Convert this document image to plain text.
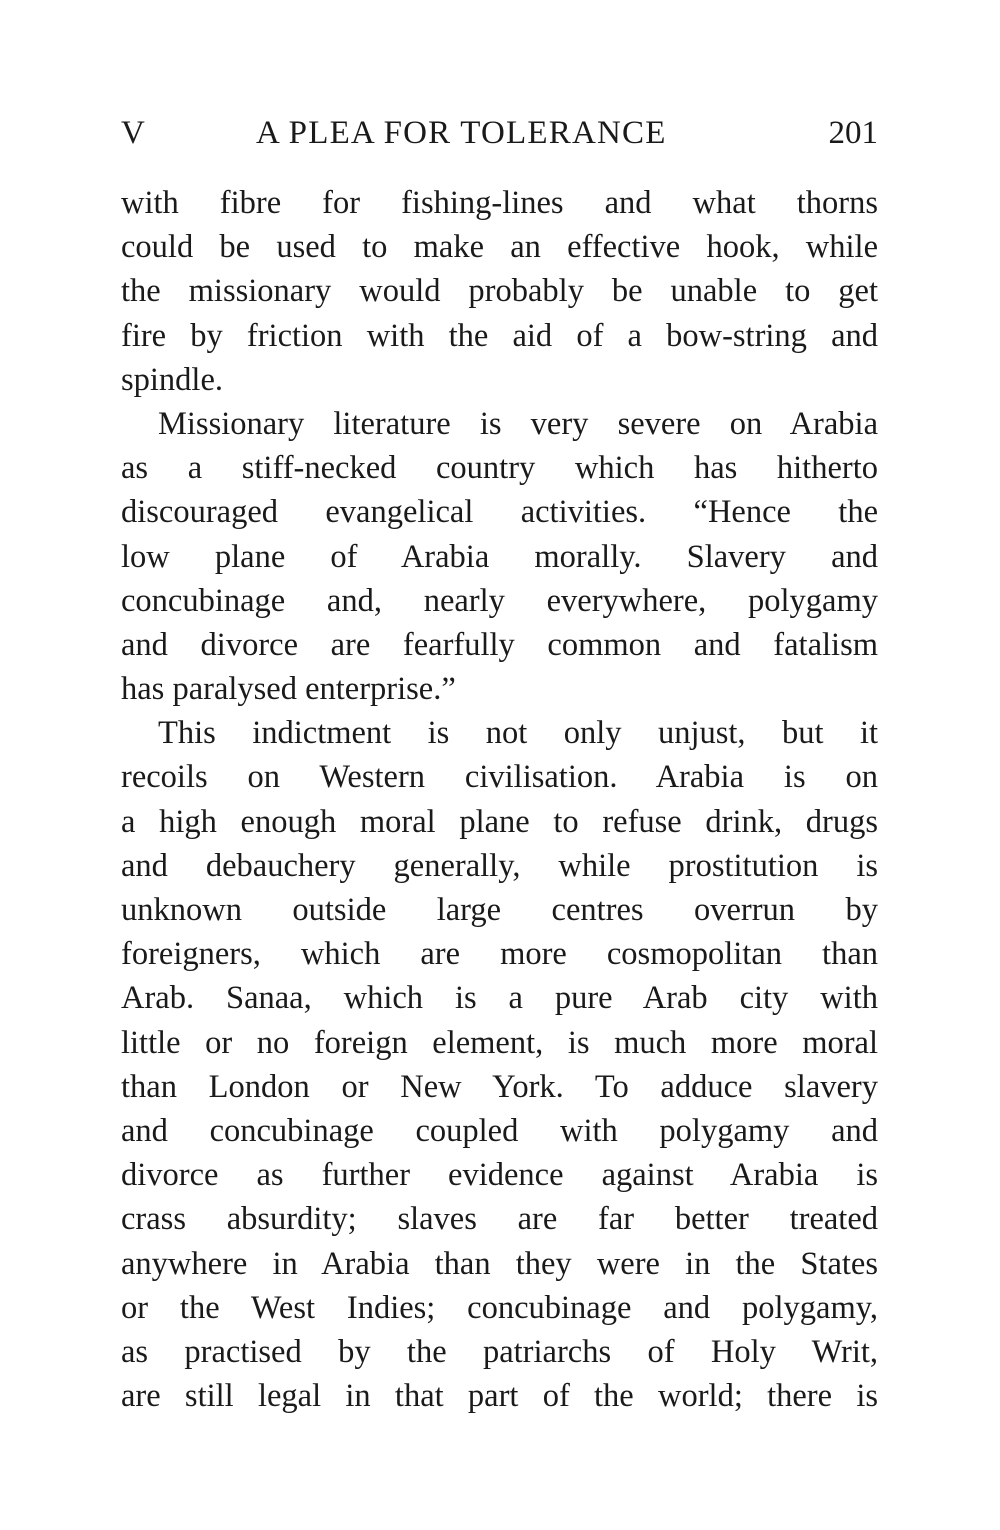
V	A PLEA FOR TOLERANCE	201
with fibre for fishing-lines and what thorns
could be used to make an effective hook, while
the missionary would probably be unable to get
fire by friction with the aid of a bow-string and
spindle.
Missionary literature is very severe on Arabia
as a stiff-necked country which has hitherto
discouraged evangelical activities. “Hence the
low plane of Arabia morally. Slavery and
concubinage and, nearly everywhere, polygamy
and divorce are fearfully common and fatalism
has paralysed enterprise.”
This indictment is not only unjust, but it
recoils on Western civilisation. Arabia is on
a high enough moral plane to refuse drink, drugs
and debauchery generally, while prostitution is
unknown outside large centres overrun by
foreigners, which are more cosmopolitan than
Arab. Sanaa, which is a pure Arab city with
little or no foreign element, is much more moral
than London or New York. To adduce slavery
and concubinage coupled with polygamy and
divorce as further evidence against Arabia is
crass absurdity; slaves are far better treated
anywhere in Arabia than they were in the States
or the West Indies; concubinage and polygamy,
as practised by the patriarchs of Holy Writ,
are still legal in that part of the world; there is
